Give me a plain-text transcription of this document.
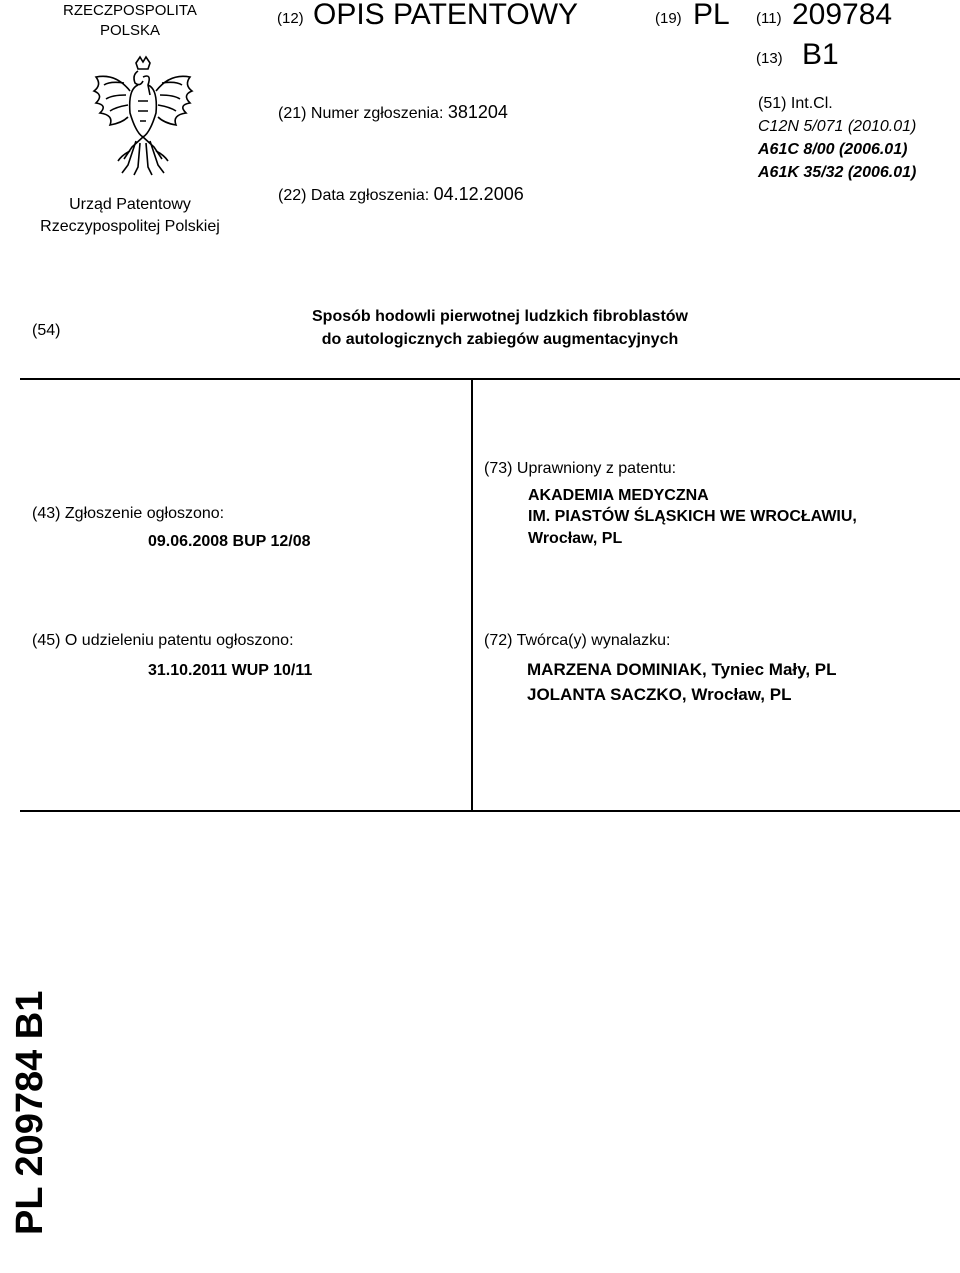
RZECZPOSPOLITA
POLSKA
Urząd Patentowy
Rzeczypospolitej Polskiej
(12) OPIS PATENTOWY	(19) PL (11) 209784
(13) B1
(21) Numer zgłoszenia: 381204
(22) Data zgłoszenia: 04.12.2006
(51) Int.Cl.
C12N 5/071 (2010.01)
A61C 8/00 (2006.01)
A61K 35/32 (2006.01)
(54)
Sposób hodowli pierwotnej ludzkich fibroblastów
do autologicznych zabiegów augmentacyjnych
(43) Zgłoszenie ogłoszono:
09.06.2008 BUP 12/08
(73) Uprawniony z patentu:
AKADEMIA MEDYCZNA
IM. PIASTÓW ŚLĄSKICH WE WROCŁAWIU,
Wrocław, PL
(45) O udzieleniu patentu ogłoszono:
31.10.2011 WUP 10/11
(72) Twórca(y) wynalazku:
MARZENA DOMINIAK, Tyniec Mały, PL
JOLANTA SACZKO, Wrocław, PL
PL 209784 B1
